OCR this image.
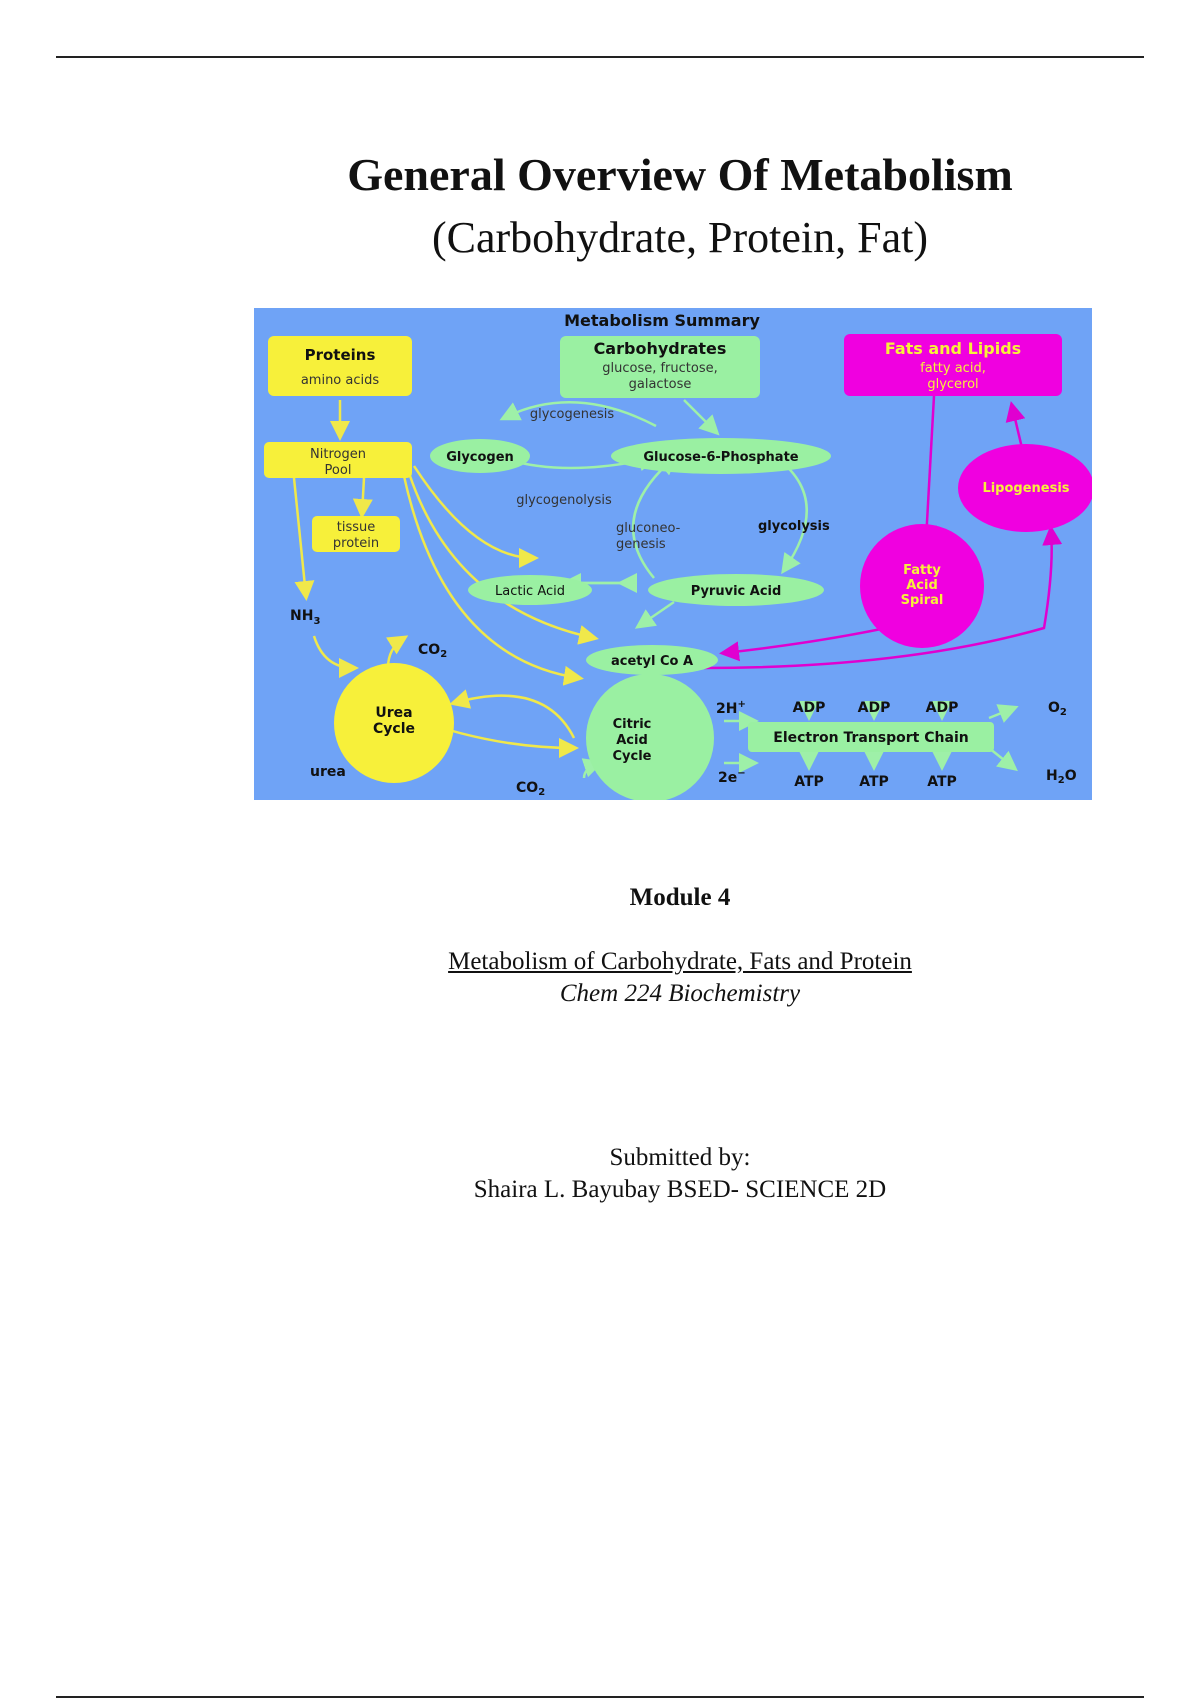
General Overview Of Metabolism
(Carbohydrate, Protein, Fat)
Metabolism Summary
Proteins
amino acids
Carbohydrates
glucose, fructose,
galactose
Fats and Lipids
fatty acid,
glycerol
Nitrogen
Pool
Glycogen	Glucose-6-Phosphate
glycogenesis
glycogenolysis
tissue
protein
gluconeo-
genesis
glycolysis
Lipogenesis
Fatty
Acid
Spiral
Lactic Acid	Pyruvic Acid
$NH_3$
acetyl Co A
$CO_2$
Urea
Cycle
urea
Citric
Acid
Cycle
$CO_2$
2H+
2e−
ADP ADP	ADP
Electron Transport Chain
ATP	ATP	ATP
$O_2$
$H_2O$
Module 4
Metabolism of Carbohydrate, Fats and Protein
Chem 224 Biochemistry
Submitted by:
Shaira L. Bayubay BSED- SCIENCE 2D
